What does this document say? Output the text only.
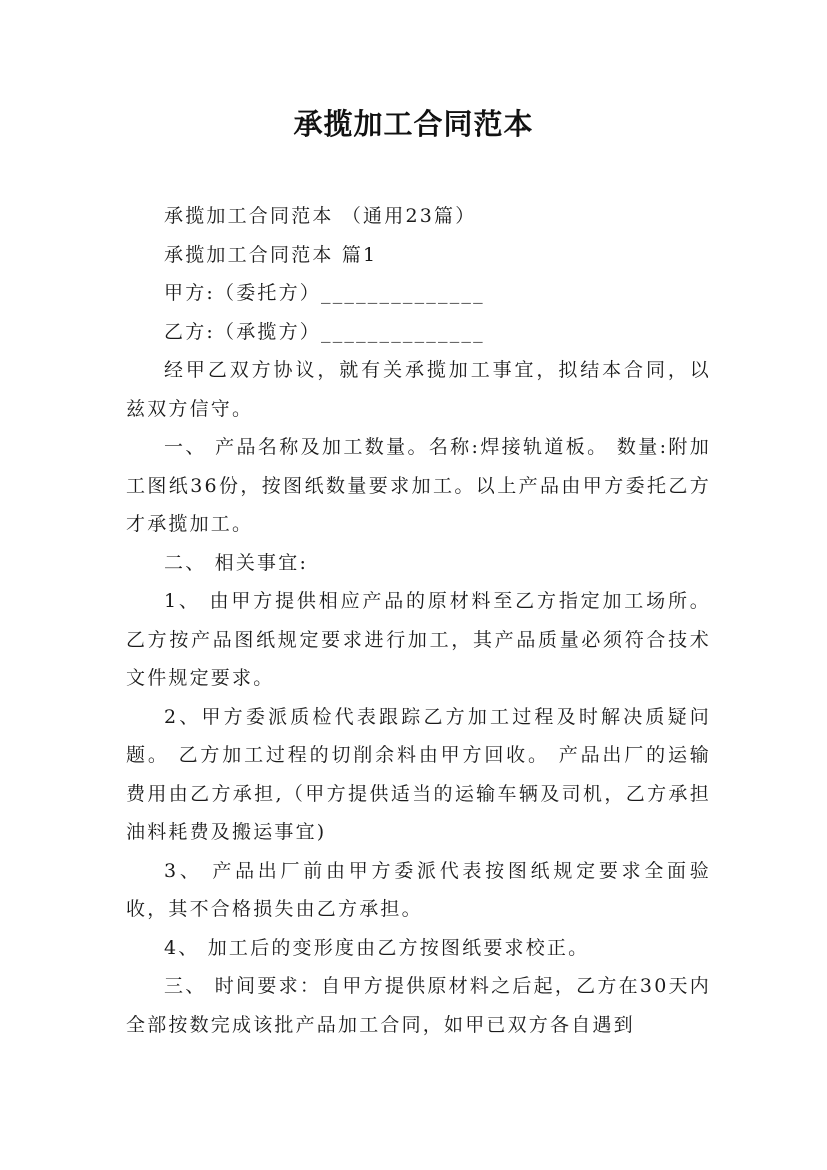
承揽加工合同范本

承揽加工合同范本 （通用23篇）

承揽加工合同范本 篇1

甲方:（委托方）______________

乙方:（承揽方）______________

经甲乙双方协议，就有关承揽加工事宜，拟结本合同，以兹双方信守。

一、 产品名称及加工数量。名称:焊接轨道板。 数量:附加工图纸36份，按图纸数量要求加工。以上产品由甲方委托乙方才承揽加工。

二、 相关事宜:

1、 由甲方提供相应产品的原材料至乙方指定加工场所。 乙方按产品图纸规定要求进行加工，其产品质量必须符合技术文件规定要求。

2、甲方委派质检代表跟踪乙方加工过程及时解决质疑问题。 乙方加工过程的切削余料由甲方回收。 产品出厂的运输费用由乙方承担,（甲方提供适当的运输车辆及司机，乙方承担油料耗费及搬运事宜)

3、 产品出厂前由甲方委派代表按图纸规定要求全面验收，其不合格损失由乙方承担。

4、 加工后的变形度由乙方按图纸要求校正。

三、 时间要求：自甲方提供原材料之后起，乙方在30天内全部按数完成该批产品加工合同，如甲已双方各自遇到
